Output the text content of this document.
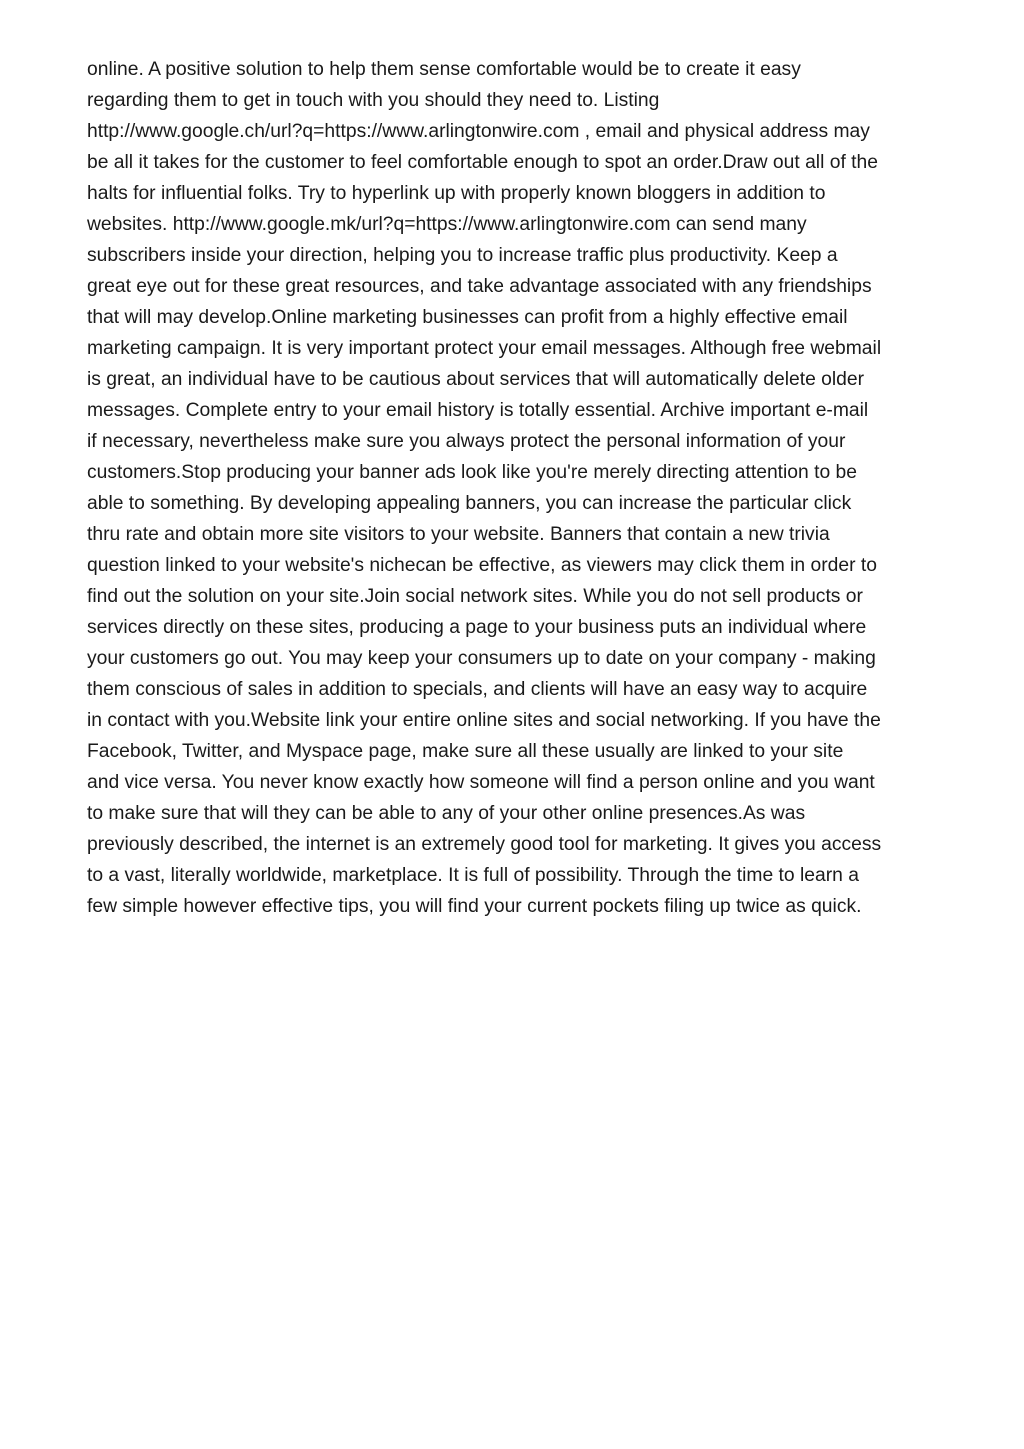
online. A positive solution to help them sense comfortable would be to create it easy
regarding them to get in touch with you should they need to. Listing
http://www.google.ch/url?q=https://www.arlingtonwire.com , email and physical address may
be all it takes for the customer to feel comfortable enough to spot an order.Draw out all of the
halts for influential folks. Try to hyperlink up with properly known bloggers in addition to
websites. http://www.google.mk/url?q=https://www.arlingtonwire.com can send many
subscribers inside your direction, helping you to increase traffic plus productivity. Keep a
great eye out for these great resources, and take advantage associated with any friendships
that will may develop.Online marketing businesses can profit from a highly effective email
marketing campaign. It is very important protect your email messages. Although free webmail
is great, an individual have to be cautious about services that will automatically delete older
messages. Complete entry to your email history is totally essential. Archive important e-mail
if necessary, nevertheless make sure you always protect the personal information of your
customers.Stop producing your banner ads look like you're merely directing attention to be
able to something. By developing appealing banners, you can increase the particular click
thru rate and obtain more site visitors to your website. Banners that contain a new trivia
question linked to your website's nichecan be effective, as viewers may click them in order to
find out the solution on your site.Join social network sites. While you do not sell products or
services directly on these sites, producing a page to your business puts an individual where
your customers go out. You may keep your consumers up to date on your company - making
them conscious of sales in addition to specials, and clients will have an easy way to acquire
in contact with you.Website link your entire online sites and social networking. If you have the
Facebook, Twitter, and Myspace page, make sure all these usually are linked to your site
and vice versa. You never know exactly how someone will find a person online and you want
to make sure that will they can be able to any of your other online presences.As was
previously described, the internet is an extremely good tool for marketing. It gives you access
to a vast, literally worldwide, marketplace. It is full of possibility. Through the time to learn a
few simple however effective tips, you will find your current pockets filing up twice as quick.
